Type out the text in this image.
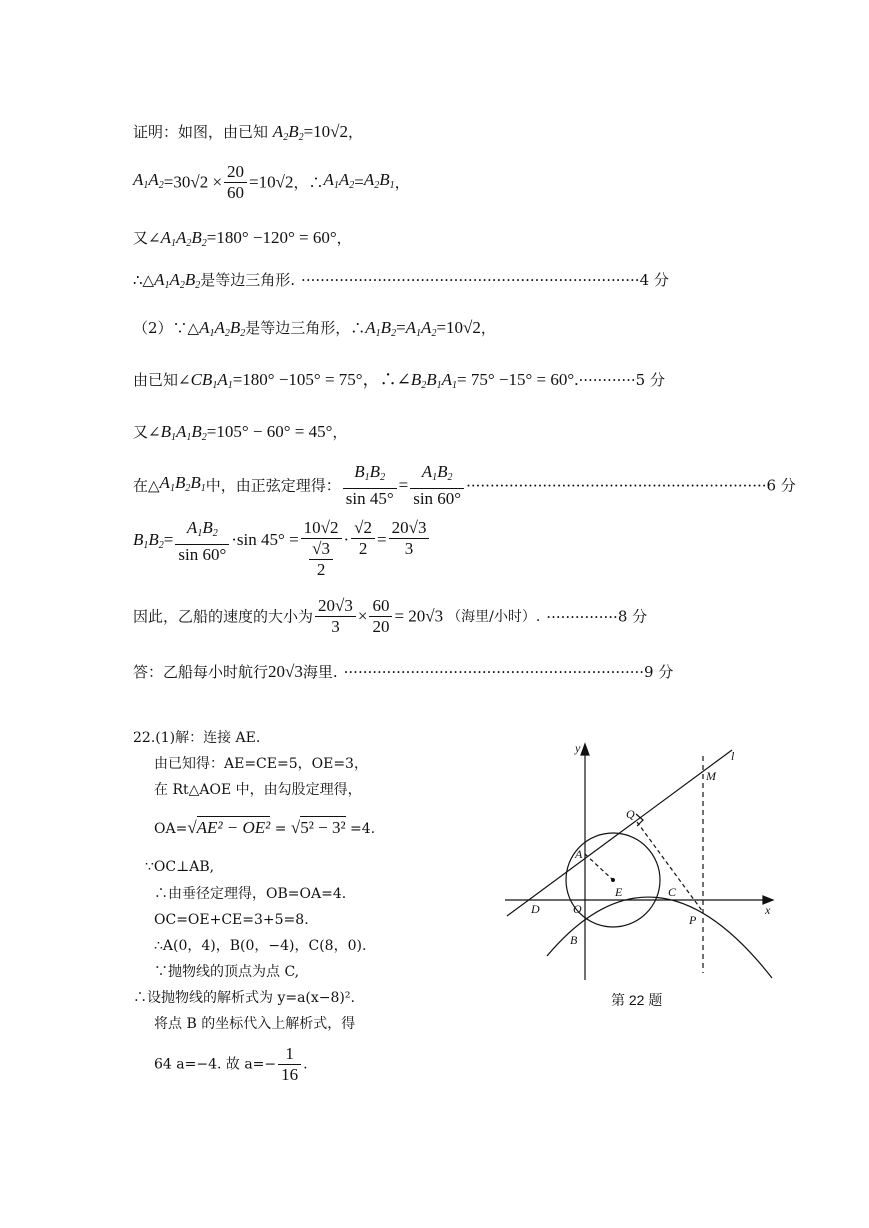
证明：如图，由已知 $A_2B_2=10√2$，
$A_1A_2=30√2 \times \frac{20}{60} =10√2$，$\therefore A_1A_2=A_2B_1$，
又$\angle A_1A_2B_2=180^\circ -120^\circ = 60^\circ$，
$\therefore\triangle A_1A_2B_2$是等边三角形. ·······································································4 分
$(2)\because\triangle A_1A_2B_2$是等边三角形，$\therefore A_1B_2=A_1A_2=10√2$，
由已知$\angle CB_1A_1=180^\circ -105^\circ = 75^\circ$，$\therefore\angle B_2B_1A_1= 75^\circ -15^\circ = 60^\circ.\cdot\cdot\cdot\cdot\cdot\cdot\cdot\cdot\cdot\cdot\cdot\cdot 5$ 分
又$\angle B_1A_1B_2=105^\circ - 60^\circ = 45^\circ$，
在$\triangle A_1B_2B_1$中，由正弦定理得： $\frac{B_1B_2}{\sin 45^\circ} = \frac{A_1B_2}{\sin 60^\circ} \cdot\cdot\cdot\cdot\cdot\cdot\cdot\cdot\cdot\cdot\cdot\cdot\cdot\cdot\cdot\cdot\cdot\cdot\cdot\cdot\cdot\cdot\cdot\cdot\cdot\cdot\cdot\cdot\cdot\cdot\cdot\cdot\cdot\cdot\cdot\cdot\cdot\cdot\cdot\cdot\cdot\cdot\cdot\cdot\cdot\cdot\cdot\cdot\cdot\cdot\cdot\cdot\cdot\cdot\cdot\cdot\cdot\cdot\cdot\cdot\cdot\cdot\cdot 6$ 分
$B_1B_2= \frac{A_1B_2}{\sin 60^\circ} \cdot\sin$ $45^\circ = \frac{10√2}{\frac{√3}{2}} \cdot \frac{√2}{2} = \frac{20√3}{3}$
因此，乙船的速度的大小为 $\frac{20√3}{3} \times \frac{60}{20} = 20√3$ （海里/小时）. ···············8 分
答：乙船每小时航行20√3海里. ·······························································9 分
22.(1)解：连接 AE.
由已知得：AE=CE=5，OE=3，
在 Rt△AOE 中，由勾股定理得，
OA=√AE² − OE² = √5² − 3² =4.
∵OC⊥AB,
∴由垂径定理得，OB=OA=4.
OC=OE+CE=3+5=8.
∴A(0，4)，B(0，−4)，C(8，0).
∵抛物线的顶点为点 C,
∴设抛物线的解析式为 y=a(x−8)².
将点 B 的坐标代入上解析式，得
64 a=−4. 故 $a=- \frac{1}{16}$ .
y
x
l
M
Q
A
E	C
D	O
P
B
第 22 题
